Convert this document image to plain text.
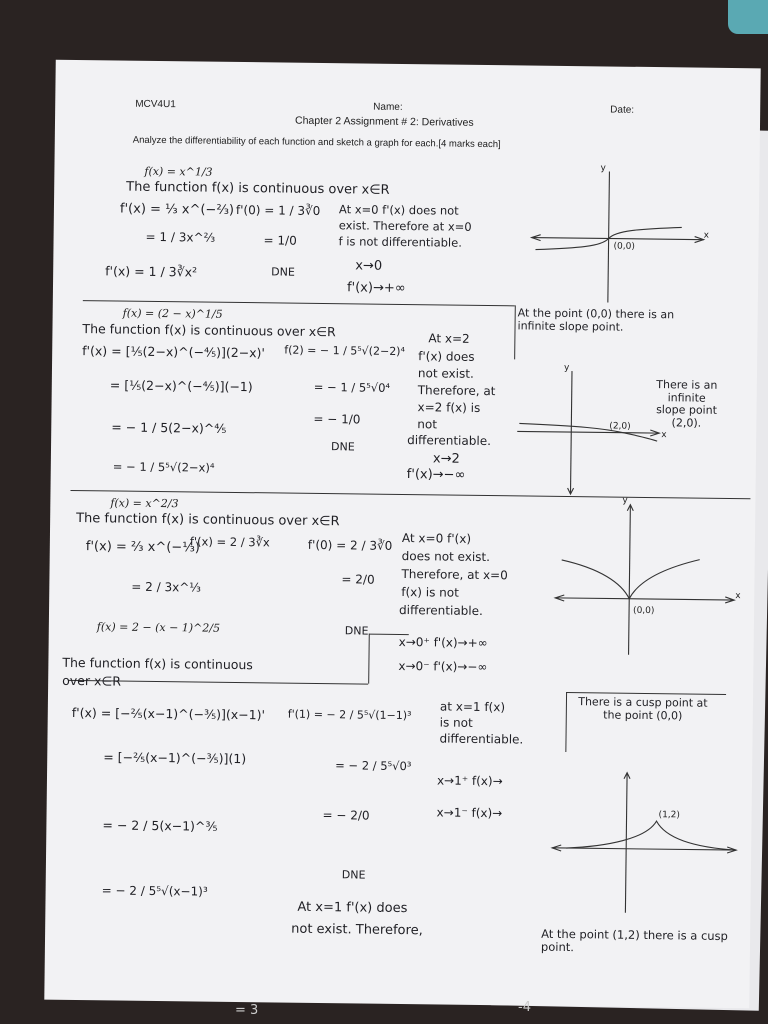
MCV4U1	Name:	Date:
Chapter 2 Assignment # 2: Derivatives
Analyze the differentiability of each function and sketch a graph for each.[4 marks each]
f(x) = x^1/3
The function f(x) is continuous over x∈R
f'(x) = ⅓ x^(−⅔) f'(0) = 1 / 3∛0 At x=0 f'(x) does not
exist. Therefore at x=0
f is not differentiable.
= 1 / 3x^⅔	= 1/0
f'(x) = 1 / 3∛x²	DNE	x→0
f'(x)→+∞
y
x
(0,0)
At the point (0,0) there is an infinite slope point.
f(x) = (2 − x)^1/5
The function f(x) is continuous over x∈R
f'(x) = [⅕(2−x)^(−⅘)](2−x)' f(2) = − 1 / 5⁵√(2−2)⁴
At x=2
f'(x) does
not exist.
= [⅕(2−x)^(−⅘)](−1)	= − 1 / 5⁵√0⁴ Therefore, at
x=2 f(x) is
not
= − 1 / 5(2−x)^⅘
= − 1/0
differentiable.
DNE
x→2
= − 1 / 5⁵√(2−x)⁴	f'(x)→−∞
y
x
(2,0)
There is an infinite slope point (2,0).
f(x) = x^2/3
The function f(x) is continuous over x∈R
f'(x) = ⅔ x^(−⅓)
f'(x) = 2 / 3∛x	f'(0) = 2 / 3∛0 At x=0 f'(x)
does not exist.
= 2 / 3x^⅓
= 2/0 Therefore, at x=0
f(x) is not
differentiable.
DNE
x→0⁺ f'(x)→+∞
x→0⁻ f'(x)→−∞
y
x
(0,0)
f(x) = 2 − (x − 1)^2/5
The function f(x) is continuous
over x∈R
f'(x) = [−⅖(x−1)^(−⅗)](x−1)' f'(1) = − 2 / 5⁵√(1−1)³
at x=1 f(x)
is not
differentiable.
= [−⅖(x−1)^(−⅗)](1)	= − 2 / 5⁵√0³
x→1⁺ f(x)→
x→1⁻ f(x)→
= − 2 / 5(x−1)^⅗
= − 2/0
DNE
= − 2 / 5⁵√(x−1)³
At x=1 f'(x) does
not exist. Therefore,
There is a cusp point at the point (0,0)
(1,2)
At the point (1,2) there is a cusp point.
= 3	-4
